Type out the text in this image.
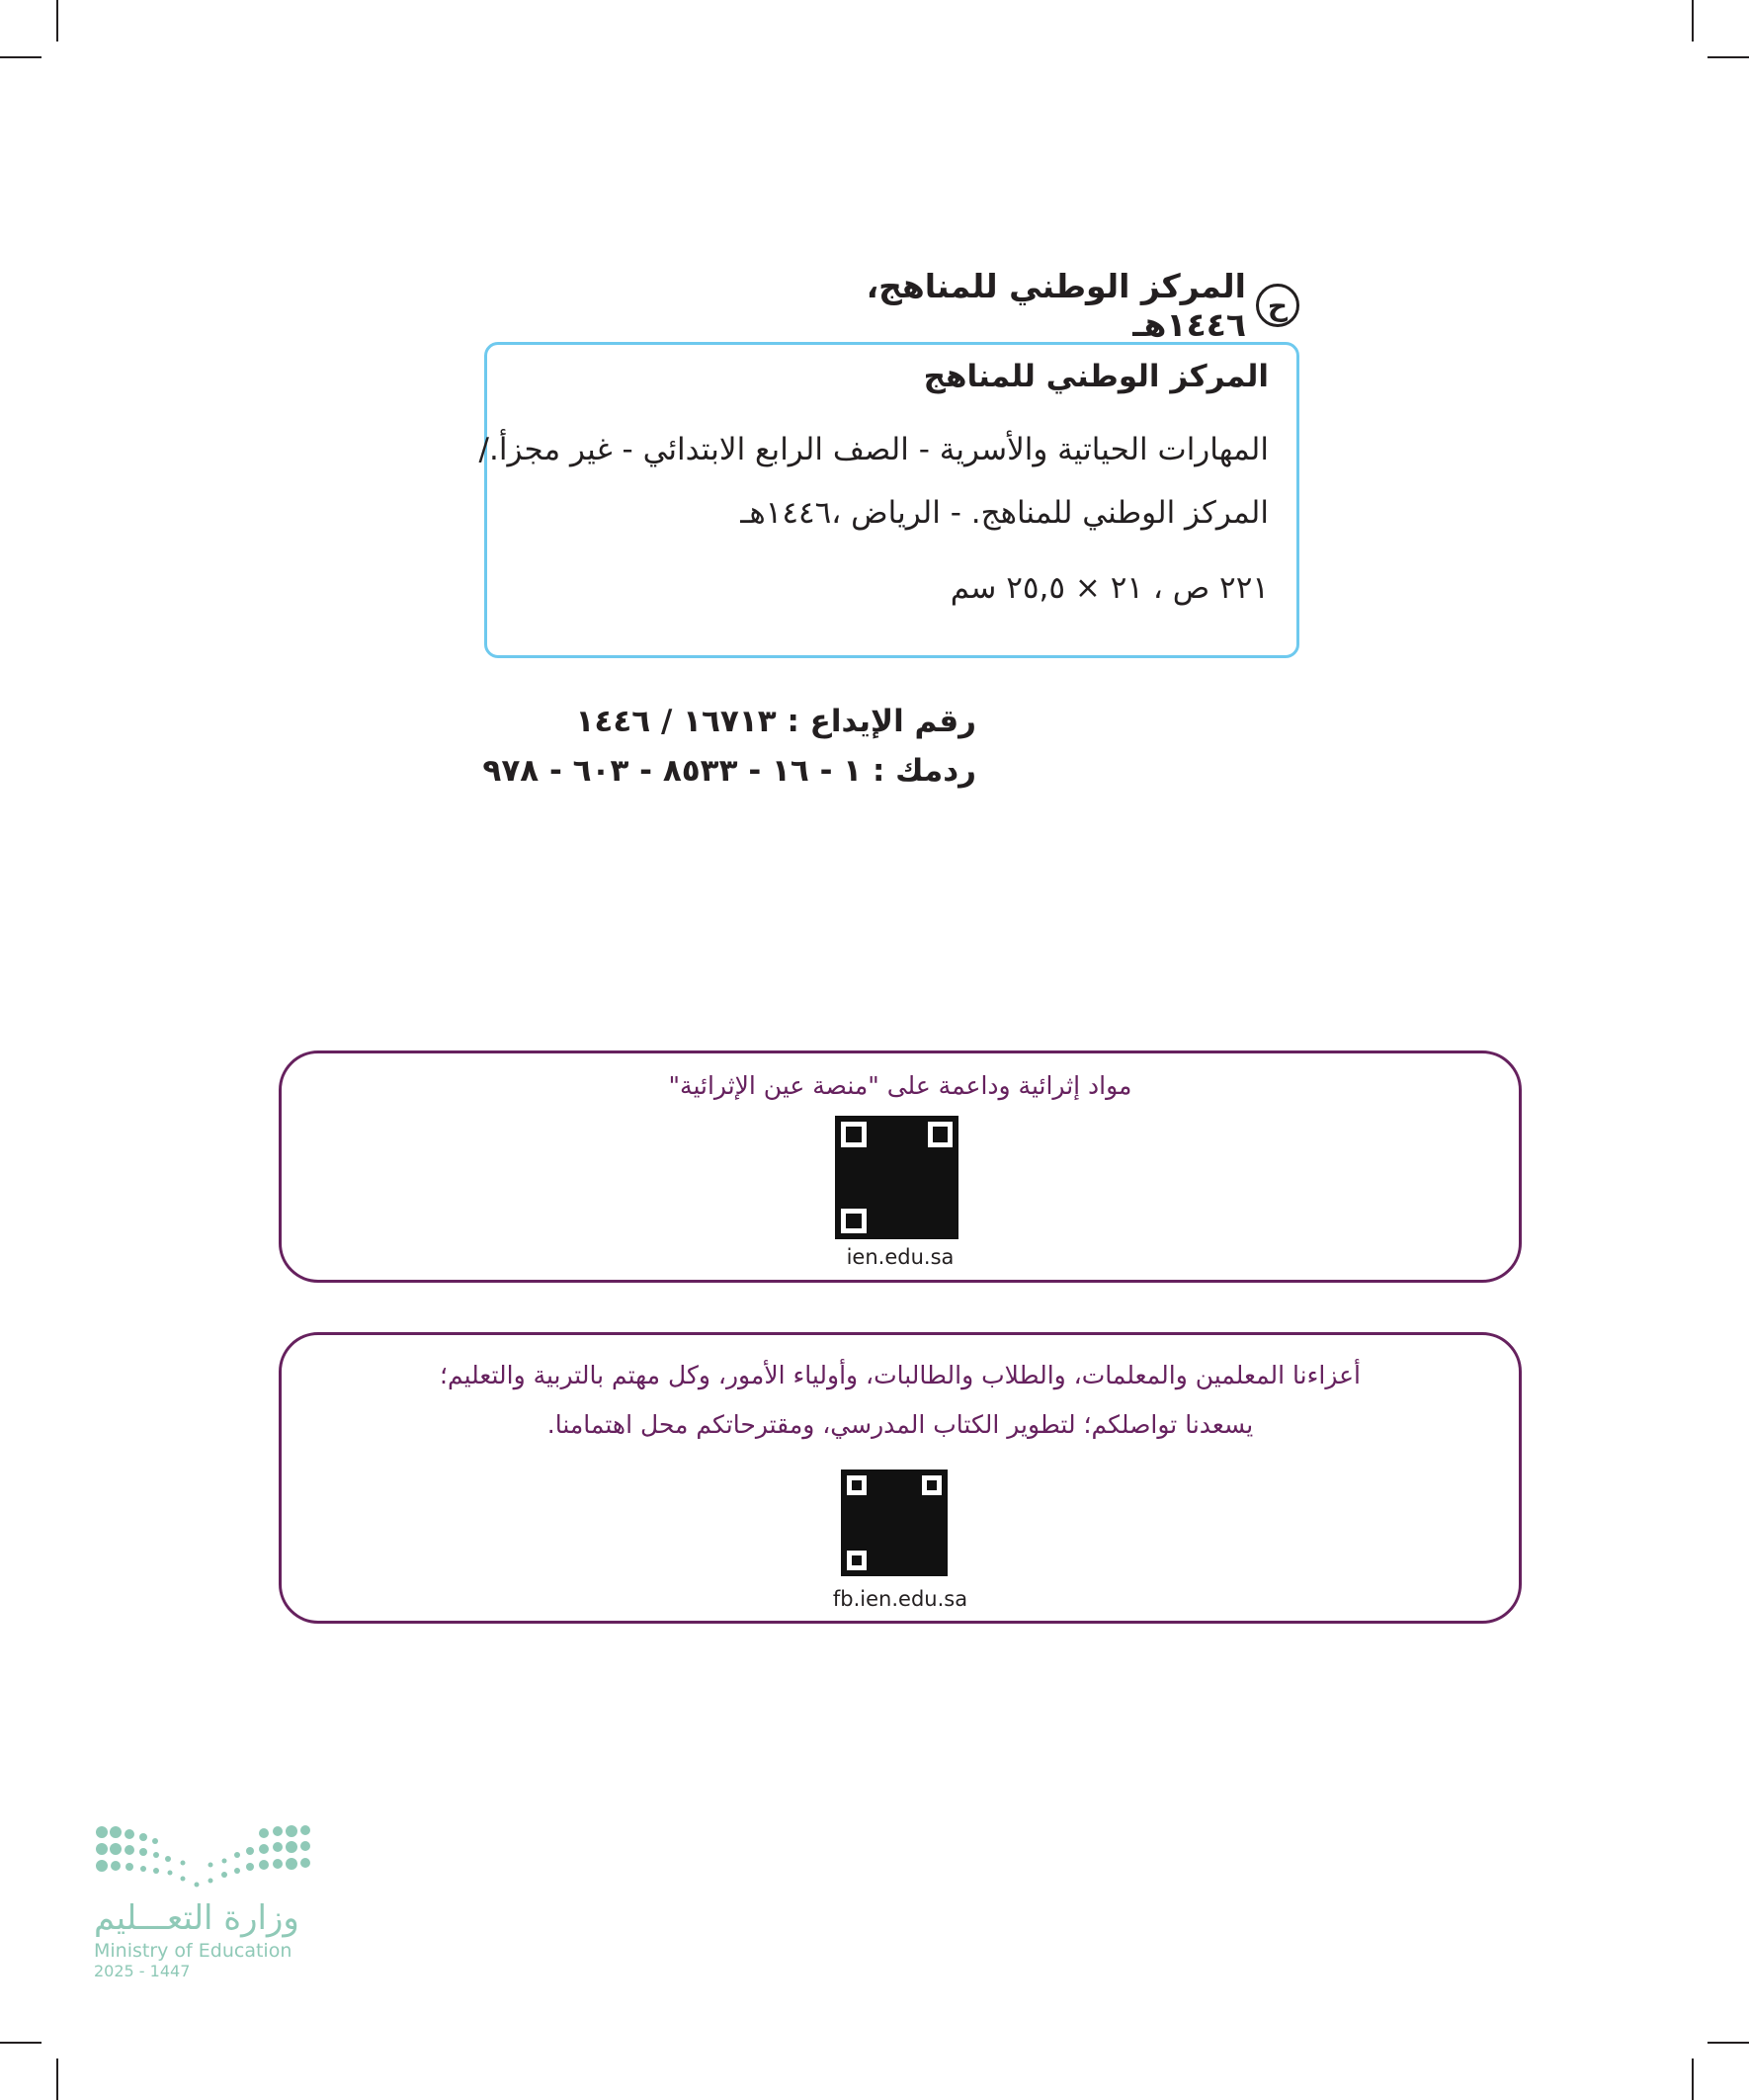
ح
المركز الوطني للمناهج، ١٤٤٦هـ
المركز الوطني للمناهج
المهارات الحياتية والأسرية - الصف الرابع الابتدائي - غير مجزأ./
المركز الوطني للمناهج. - الرياض ،١٤٤٦هـ
٢٢١ ص ، ٢١ × ٢٥,٥ سم
رقم الإيداع : ١٦٧١٣ / ١٤٤٦
ردمك : ١ - ١٦ - ٨٥٣٣ - ٦٠٣ - ٩٧٨
مواد إثرائية وداعمة على "منصة عين الإثرائية"
ien.edu.sa
أعزاءنا المعلمين والمعلمات، والطلاب والطالبات، وأولياء الأمور، وكل مهتم بالتربية والتعليم؛
يسعدنا تواصلكم؛ لتطوير الكتاب المدرسي، ومقترحاتكم محل اهتمامنا.
fb.ien.edu.sa
وزارة التعـــليم
Ministry of Education
2025 - 1447
